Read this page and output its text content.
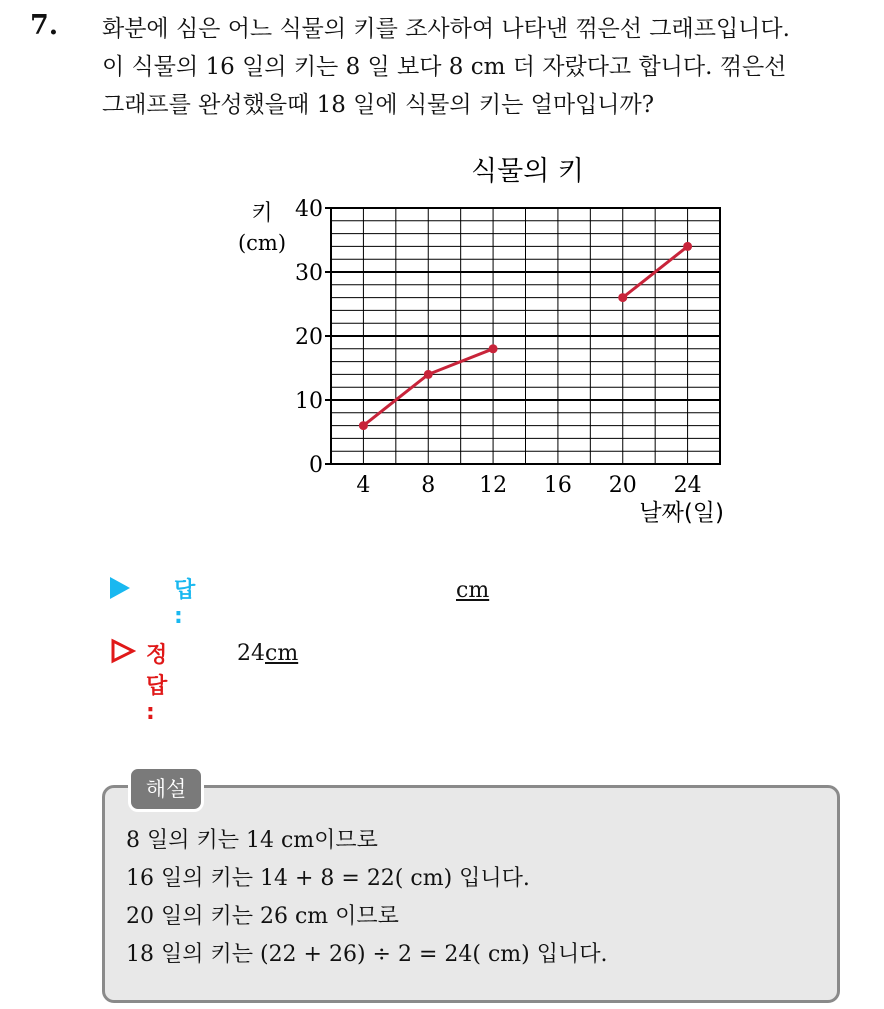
7. 화분에 심은 어느 식물의 키를 조사하여 나타낸 꺾은선 그래프입니다.
이 식물의 16 일의 키는 8 일 보다 8 cm 더 자랐다고 합니다. 꺾은선
그래프를 완성했을때 18 일에 식물의 키는 얼마입니까?
0
10
20
30
40
4 8 12 16 20 24
식물의 키
키
(cm)
날짜(일)
답 :
cm
정답 :
24cm
해설
8 일의 키는 14 cm이므로
16 일의 키는 14 + 8 = 22( cm) 입니다.
20 일의 키는 26 cm 이므로
18 일의 키는 (22 + 26) ÷ 2 = 24( cm) 입니다.
